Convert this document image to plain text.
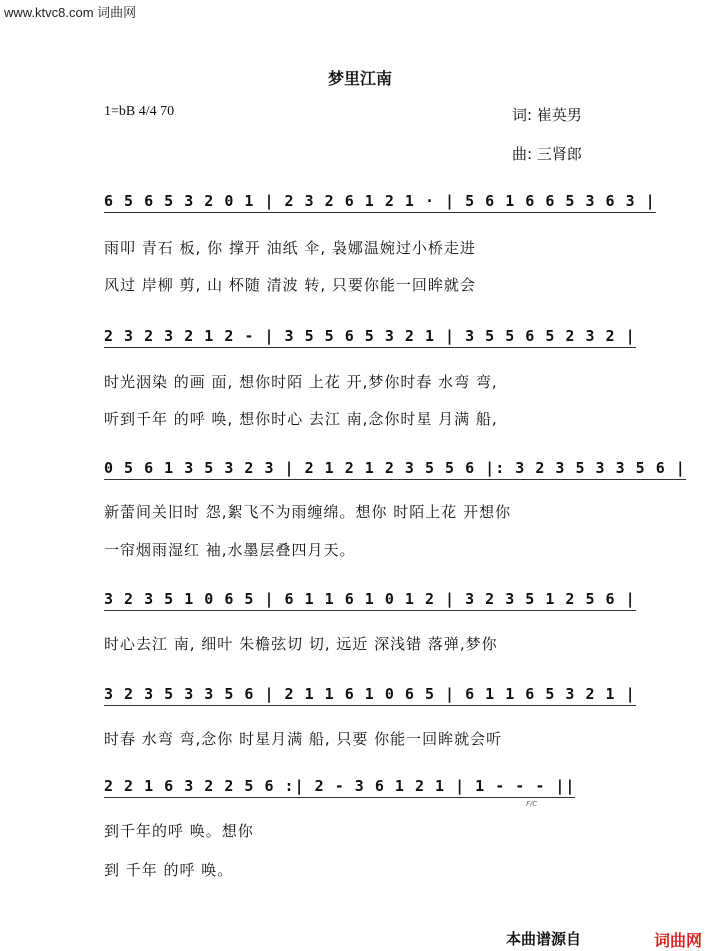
www.ktvc8.com 词曲网
梦里江南
1=bB 4/4 70	词: 崔英男
曲: 三肾郎
6 5 6 5 3 2 0 1 | 2 3 2 6 1 2 1 · | 5 6 1 6 6 5 3 6 3 |
雨叩 青石 板, 你 撑开 油纸 伞, 袅娜温婉过小桥走进
风过 岸柳 剪, 山 杯随 清波 转, 只要你能一回眸就会
2 3 2 3 2 1 2 - | 3 5 5 6 5 3 2 1 | 3 5 5 6 5 2 3 2 |
时光洇染 的画 面, 想你时陌 上花 开,梦你时春 水弯 弯,
听到千年 的呼 唤, 想你时心 去江 南,念你时星 月满 船,
0 5 6 1 3 5 3 2 3 | 2 1 2 1 2 3 5 5 6 |: 3 2 3 5 3 3 5 6 |
新蕾间关旧时 怨,絮飞不为雨缠绵。想你 时陌上花 开想你
一帘烟雨湿红 袖,水墨层叠四月天。
3 2 3 5 1 0 6 5 | 6 1 1 6 1 0 1 2 | 3 2 3 5 1 2 5 6 |
时心去江 南, 细叶 朱檐弦切 切, 远近 深浅错 落弹,梦你
3 2 3 5 3 3 5 6 | 2 1 1 6 1 0 6 5 | 6 1 1 6 5 3 2 1 |
时春 水弯 弯,念你 时星月满 船, 只要 你能一回眸就会听
2 2 1 6 3 2 2 5 6 :| 2 - 3 6 1 2 1 | 1 - - - ||
到千年的呼 唤。想你
到 千年 的呼 唤。
F/C
本曲谱源自	词曲网
